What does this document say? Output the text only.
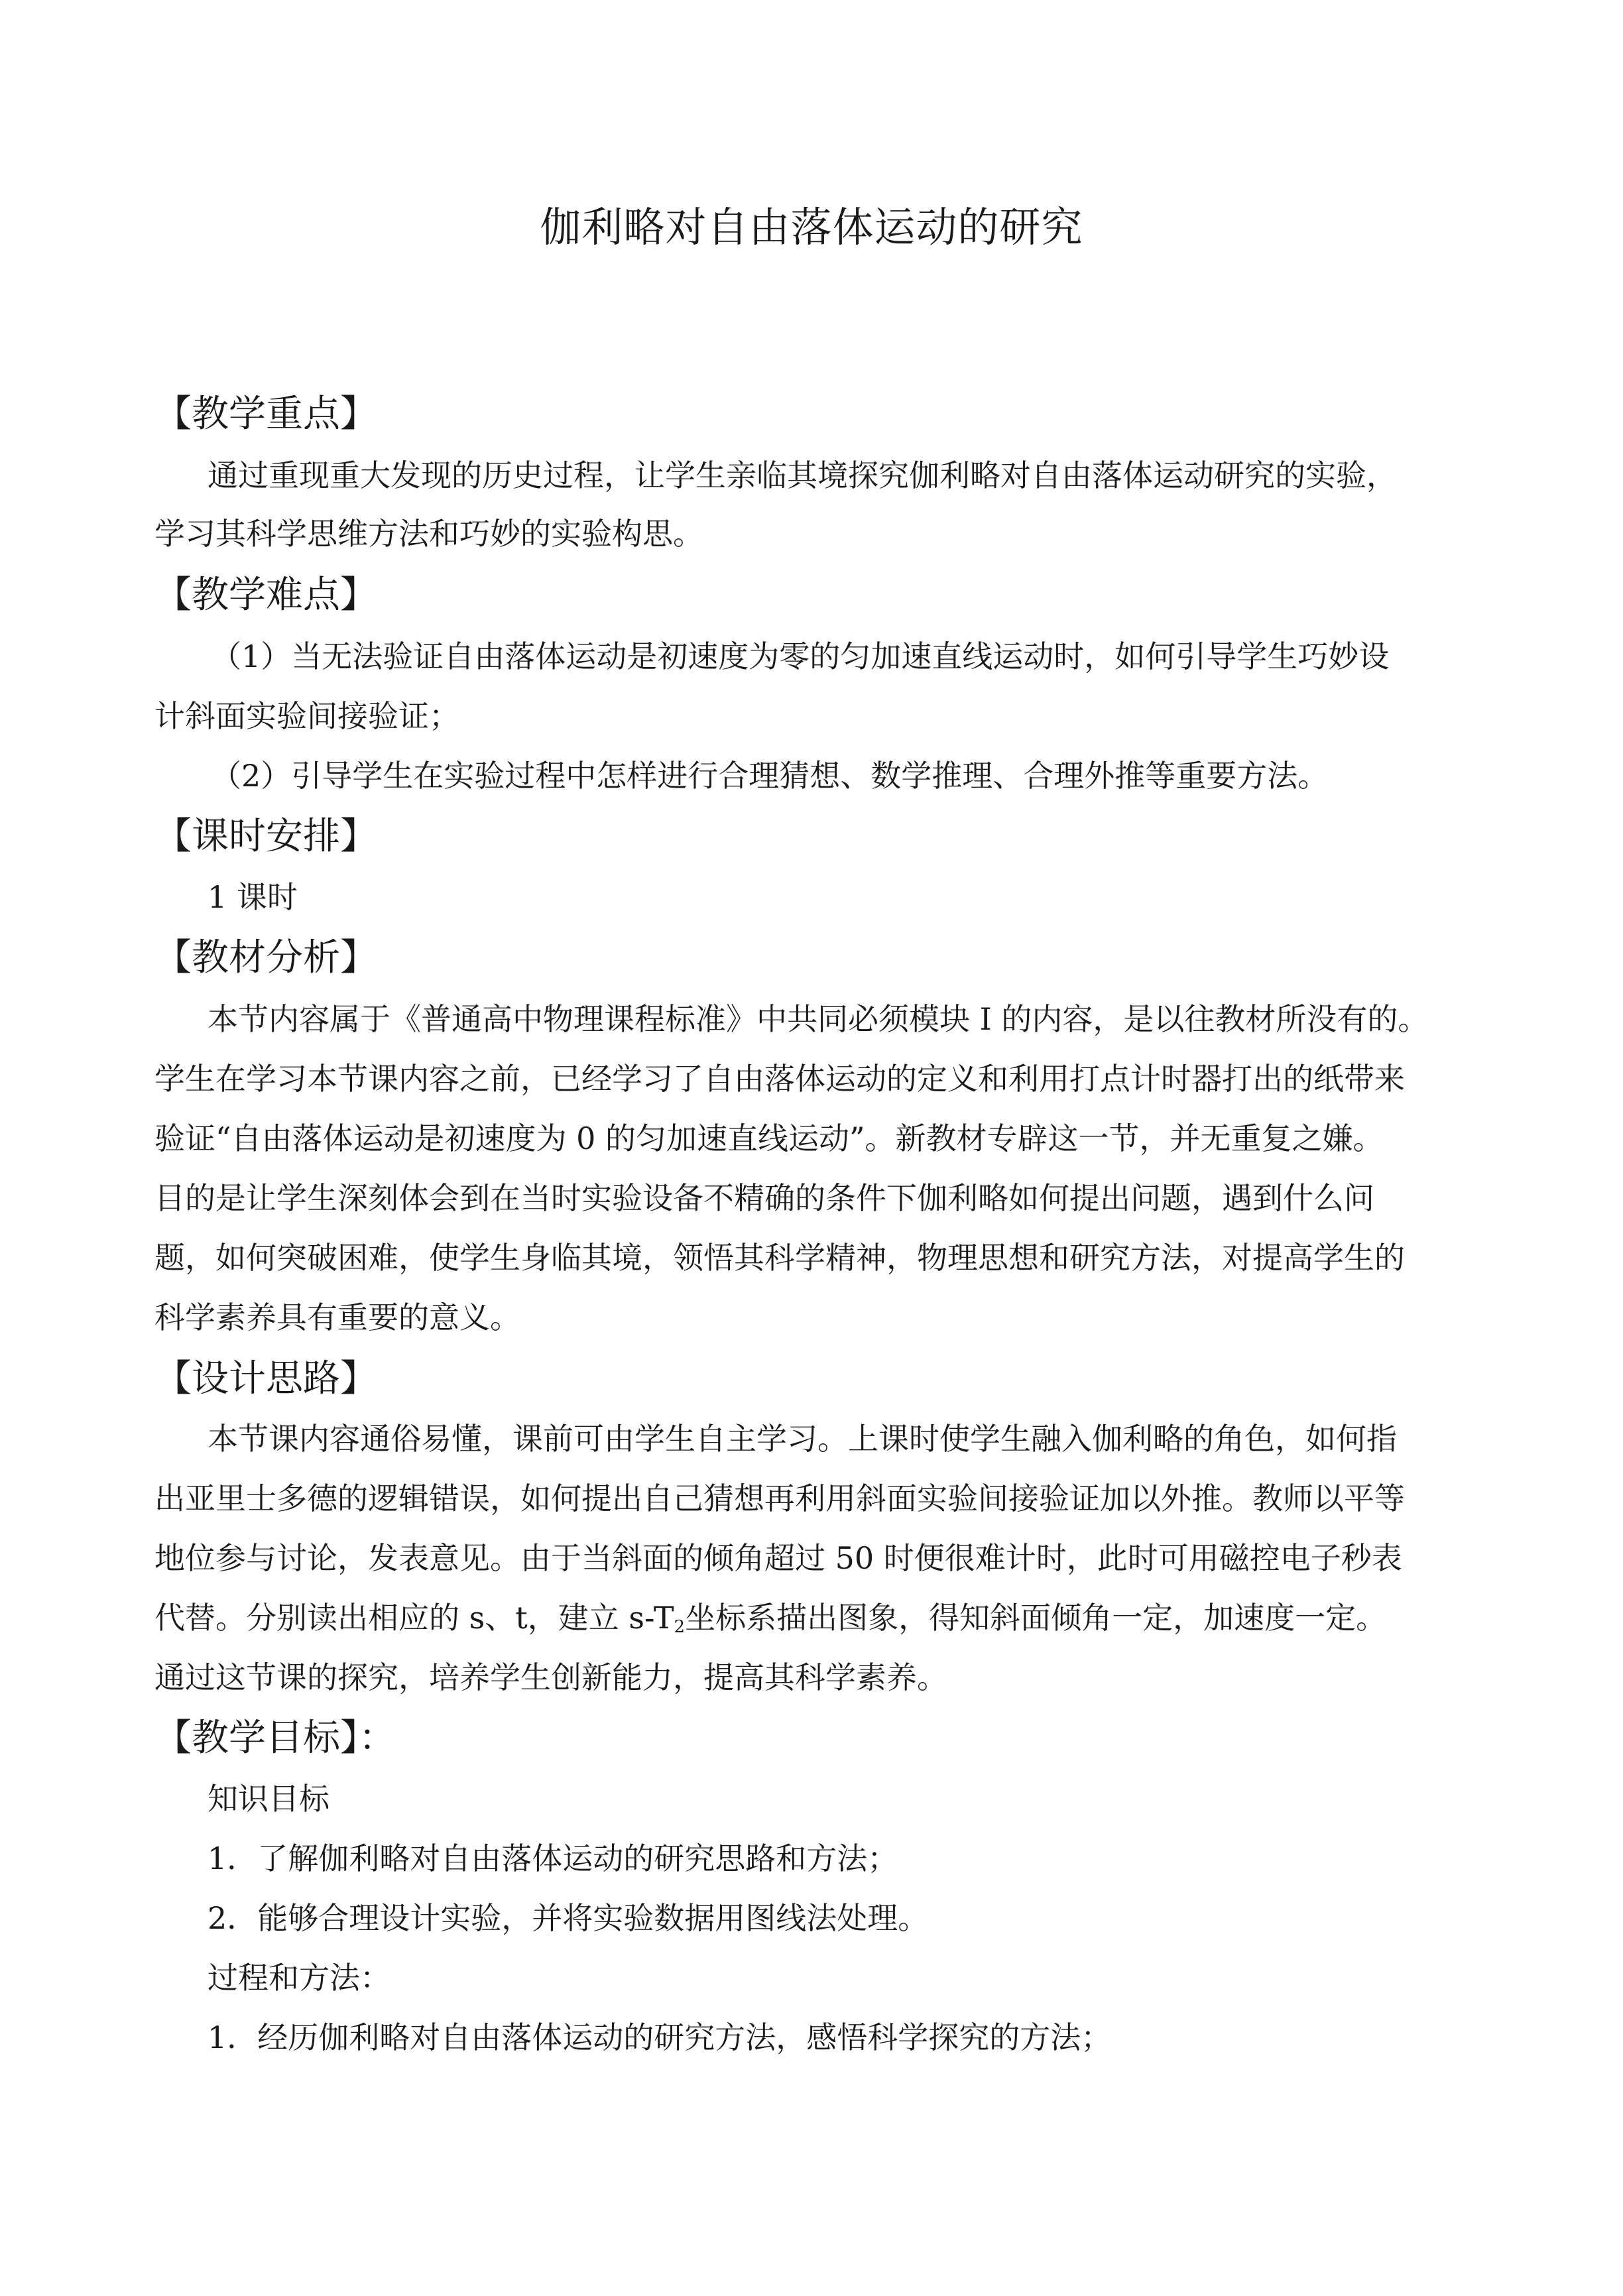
伽利略对自由落体运动的研究
【教学重点】
通过重现重大发现的历史过程，让学生亲临其境探究伽利略对自由落体运动研究的实验，
学习其科学思维方法和巧妙的实验构思。
【教学难点】
（1）当无法验证自由落体运动是初速度为零的匀加速直线运动时，如何引导学生巧妙设
计斜面实验间接验证；
（2）引导学生在实验过程中怎样进行合理猜想、数学推理、合理外推等重要方法。
【课时安排】
1 课时
【教材分析】
本节内容属于《普通高中物理课程标准》中共同必须模块 I 的内容，是以往教材所没有的。
学生在学习本节课内容之前，已经学习了自由落体运动的定义和利用打点计时器打出的纸带来
验证“自由落体运动是初速度为 0 的匀加速直线运动”。新教材专辟这一节，并无重复之嫌。
目的是让学生深刻体会到在当时实验设备不精确的条件下伽利略如何提出问题，遇到什么问
题，如何突破困难，使学生身临其境，领悟其科学精神，物理思想和研究方法，对提高学生的
科学素养具有重要的意义。
【设计思路】
本节课内容通俗易懂，课前可由学生自主学习。上课时使学生融入伽利略的角色，如何指
出亚里士多德的逻辑错误，如何提出自己猜想再利用斜面实验间接验证加以外推。教师以平等
地位参与讨论，发表意见。由于当斜面的倾角超过 50 时便很难计时，此时可用磁控电子秒表
代替。分别读出相应的 s、t，建立 $s-T_2$坐标系描出图象，得知斜面倾角一定，加速度一定。
通过这节课的探究，培养学生创新能力，提高其科学素养。
【教学目标】：
知识目标
1．了解伽利略对自由落体运动的研究思路和方法；
2．能够合理设计实验，并将实验数据用图线法处理。
过程和方法：
1．经历伽利略对自由落体运动的研究方法，感悟科学探究的方法；
